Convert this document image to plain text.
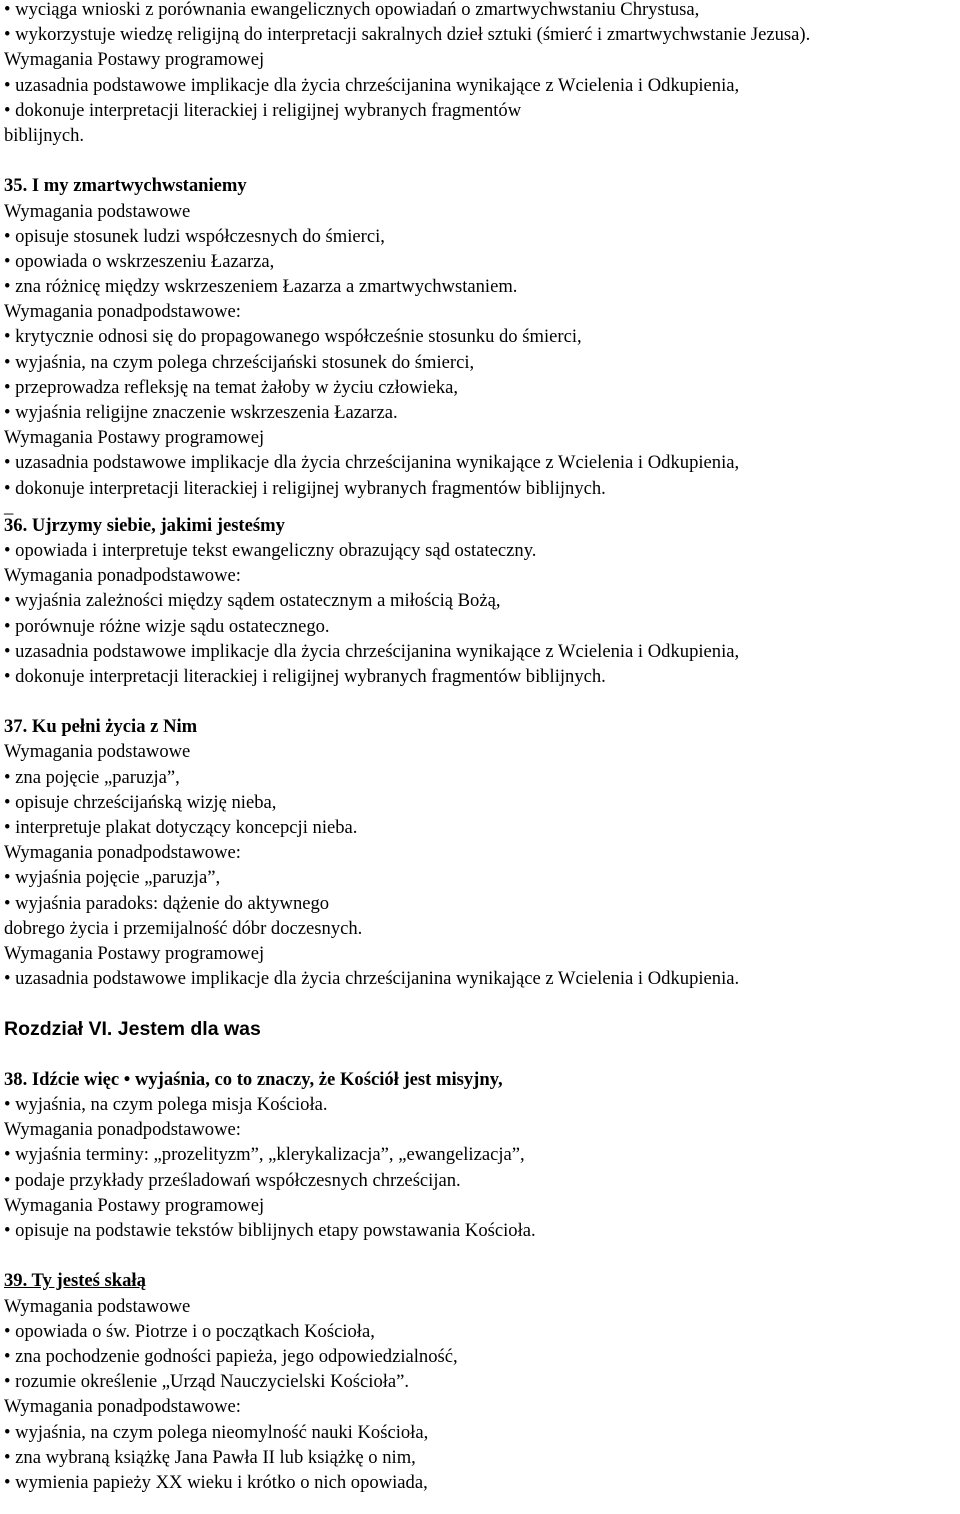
• wyciąga wnioski z porównania ewangelicznych opowiadań o zmartwychwstaniu Chrystusa,
• wykorzystuje wiedzę religijną do interpretacji sakralnych dzieł sztuki (śmierć i zmartwychwstanie Jezusa).
Wymagania Postawy programowej
• uzasadnia podstawowe implikacje dla życia chrześcijanina wynikające z Wcielenia i Odkupienia,
• dokonuje interpretacji literackiej i religijnej wybranych fragmentów
biblijnych.
35. I my zmartwychwstaniemy
Wymagania podstawowe
• opisuje stosunek ludzi współczesnych do śmierci,
• opowiada o wskrzeszeniu Łazarza,
• zna różnicę między wskrzeszeniem Łazarza a zmartwychwstaniem.
Wymagania ponadpodstawowe:
• krytycznie odnosi się do propagowanego współcześnie stosunku do śmierci,
• wyjaśnia, na czym polega chrześcijański stosunek do śmierci,
• przeprowadza refleksję na temat żałoby w życiu człowieka,
• wyjaśnia religijne znaczenie wskrzeszenia Łazarza.
Wymagania Postawy programowej
• uzasadnia podstawowe implikacje dla życia chrześcijanina wynikające z Wcielenia i Odkupienia,
• dokonuje interpretacji literackiej i religijnej wybranych fragmentów biblijnych.
_
36. Ujrzymy siebie, jakimi jesteśmy
• opowiada i interpretuje tekst ewangeliczny obrazujący sąd ostateczny.
Wymagania ponadpodstawowe:
• wyjaśnia zależności między sądem ostatecznym a miłością Bożą,
• porównuje różne wizje sądu ostatecznego.
• uzasadnia podstawowe implikacje dla życia chrześcijanina wynikające z Wcielenia i Odkupienia,
• dokonuje interpretacji literackiej i religijnej wybranych fragmentów biblijnych.
37. Ku pełni życia z Nim
Wymagania podstawowe
• zna pojęcie „paruzja”,
• opisuje chrześcijańską wizję nieba,
• interpretuje plakat dotyczący koncepcji nieba.
Wymagania ponadpodstawowe:
• wyjaśnia pojęcie „paruzja”,
• wyjaśnia paradoks: dążenie do aktywnego
dobrego życia i przemijalność dóbr doczesnych.
Wymagania Postawy programowej
• uzasadnia podstawowe implikacje dla życia chrześcijanina wynikające z Wcielenia i Odkupienia.
Rozdział VI. Jestem dla was
38. Idźcie więc • wyjaśnia, co to znaczy, że Kościół jest misyjny,
• wyjaśnia, na czym polega misja Kościoła.
Wymagania ponadpodstawowe:
• wyjaśnia terminy: „prozelityzm”, „klerykalizacja”, „ewangelizacja”,
• podaje przykłady prześladowań współczesnych chrześcijan.
Wymagania Postawy programowej
• opisuje na podstawie tekstów biblijnych etapy powstawania Kościoła.
39. Ty jesteś skałą
Wymagania podstawowe
• opowiada o św. Piotrze i o początkach Kościoła,
• zna pochodzenie godności papieża, jego odpowiedzialność,
• rozumie określenie „Urząd Nauczycielski Kościoła”.
Wymagania ponadpodstawowe:
• wyjaśnia, na czym polega nieomylność nauki Kościoła,
• zna wybraną książkę Jana Pawła II lub książkę o nim,
• wymienia papieży XX wieku i krótko o nich opowiada,
